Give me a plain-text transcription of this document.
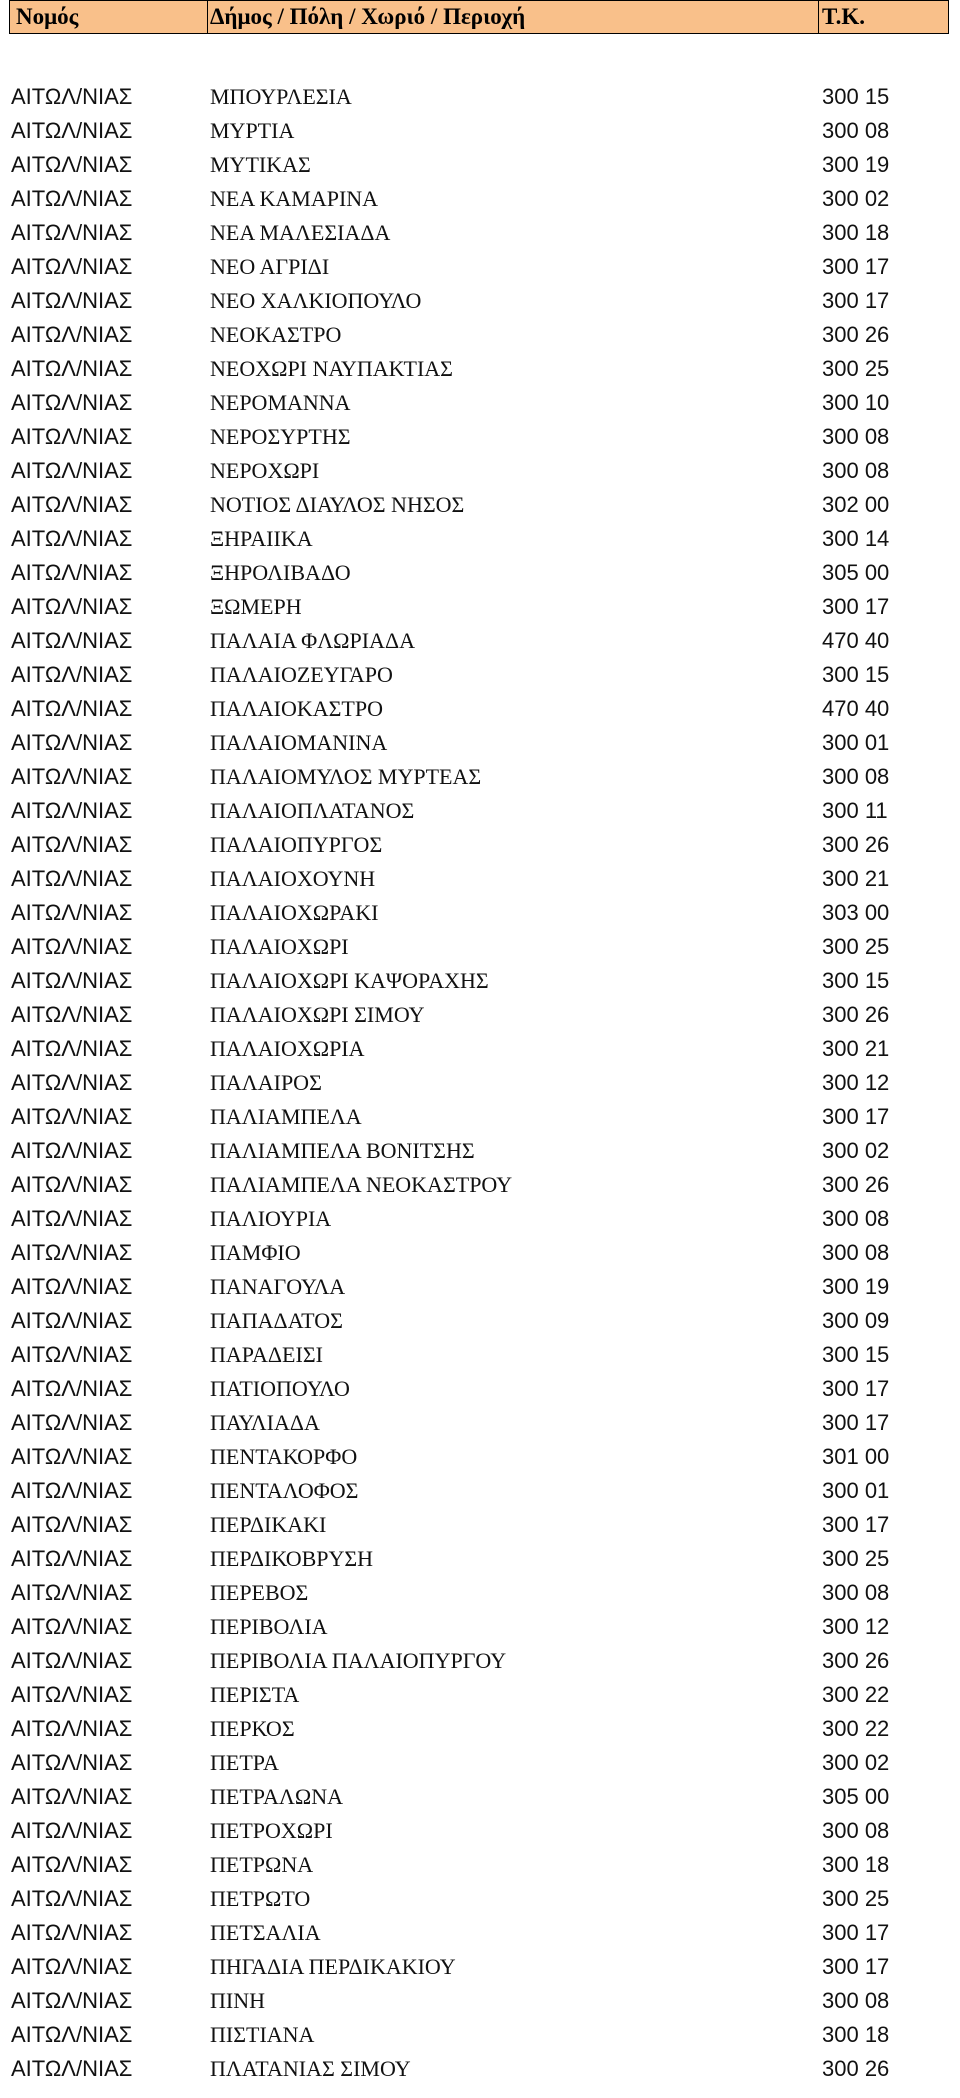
Νομός	Δήμος / Πόλη / Χωριό / Περιοχή	Τ.Κ.
ΑΙΤΩΛ/ΝΙΑΣ	ΜΠΟΥΡΛΕΣΙΑ	300 15
ΑΙΤΩΛ/ΝΙΑΣ	ΜΥΡΤΙΑ	300 08
ΑΙΤΩΛ/ΝΙΑΣ	ΜΥΤΙΚΑΣ	300 19
ΑΙΤΩΛ/ΝΙΑΣ	ΝΕΑ ΚΑΜΑΡΙΝΑ	300 02
ΑΙΤΩΛ/ΝΙΑΣ	ΝΕΑ ΜΑΛΕΣΙΑΔΑ	300 18
ΑΙΤΩΛ/ΝΙΑΣ	ΝΕΟ ΑΓΡΙΔΙ	300 17
ΑΙΤΩΛ/ΝΙΑΣ	ΝΕΟ ΧΑΛΚΙΟΠΟΥΛΟ	300 17
ΑΙΤΩΛ/ΝΙΑΣ	ΝΕΟΚΑΣΤΡΟ	300 26
ΑΙΤΩΛ/ΝΙΑΣ	ΝΕΟΧΩΡΙ ΝΑΥΠΑΚΤΙΑΣ	300 25
ΑΙΤΩΛ/ΝΙΑΣ	ΝΕΡΟΜΑΝΝΑ	300 10
ΑΙΤΩΛ/ΝΙΑΣ	ΝΕΡΟΣΥΡΤΗΣ	300 08
ΑΙΤΩΛ/ΝΙΑΣ	ΝΕΡΟΧΩΡΙ	300 08
ΑΙΤΩΛ/ΝΙΑΣ	ΝΟΤΙΟΣ ΔΙΑΥΛΟΣ ΝΗΣΟΣ	302 00
ΑΙΤΩΛ/ΝΙΑΣ	ΞΗΡΑΙΙΚΑ	300 14
ΑΙΤΩΛ/ΝΙΑΣ	ΞΗΡΟΛΙΒΑΔΟ	305 00
ΑΙΤΩΛ/ΝΙΑΣ	ΞΩΜΕΡΗ	300 17
ΑΙΤΩΛ/ΝΙΑΣ	ΠΑΛΑΙΑ ΦΛΩΡΙΑΔΑ	470 40
ΑΙΤΩΛ/ΝΙΑΣ	ΠΑΛΑΙΟΖΕΥΓΑΡΟ	300 15
ΑΙΤΩΛ/ΝΙΑΣ	ΠΑΛΑΙΟΚΑΣΤΡΟ	470 40
ΑΙΤΩΛ/ΝΙΑΣ	ΠΑΛΑΙΟΜΑΝΙΝΑ	300 01
ΑΙΤΩΛ/ΝΙΑΣ	ΠΑΛΑΙΟΜΥΛΟΣ ΜΥΡΤΕΑΣ	300 08
ΑΙΤΩΛ/ΝΙΑΣ	ΠΑΛΑΙΟΠΛΑΤΑΝΟΣ	300 11
ΑΙΤΩΛ/ΝΙΑΣ	ΠΑΛΑΙΟΠΥΡΓΟΣ	300 26
ΑΙΤΩΛ/ΝΙΑΣ	ΠΑΛΑΙΟΧΟΥΝΗ	300 21
ΑΙΤΩΛ/ΝΙΑΣ	ΠΑΛΑΙΟΧΩΡΑΚΙ	303 00
ΑΙΤΩΛ/ΝΙΑΣ	ΠΑΛΑΙΟΧΩΡΙ	300 25
ΑΙΤΩΛ/ΝΙΑΣ	ΠΑΛΑΙΟΧΩΡΙ ΚΑΨΟΡΑΧΗΣ	300 15
ΑΙΤΩΛ/ΝΙΑΣ	ΠΑΛΑΙΟΧΩΡΙ ΣΙΜΟΥ	300 26
ΑΙΤΩΛ/ΝΙΑΣ	ΠΑΛΑΙΟΧΩΡΙΑ	300 21
ΑΙΤΩΛ/ΝΙΑΣ	ΠΑΛΑΙΡΟΣ	300 12
ΑΙΤΩΛ/ΝΙΑΣ	ΠΑΛΙΑΜΠΕΛΑ	300 17
ΑΙΤΩΛ/ΝΙΑΣ	ΠΑΛΙΑΜΠΕΛΑ ΒΟΝΙΤΣΗΣ	300 02
ΑΙΤΩΛ/ΝΙΑΣ	ΠΑΛΙΑΜΠΕΛΑ ΝΕΟΚΑΣΤΡΟΥ	300 26
ΑΙΤΩΛ/ΝΙΑΣ	ΠΑΛΙΟΥΡΙΑ	300 08
ΑΙΤΩΛ/ΝΙΑΣ	ΠΑΜΦΙΟ	300 08
ΑΙΤΩΛ/ΝΙΑΣ	ΠΑΝΑΓΟΥΛΑ	300 19
ΑΙΤΩΛ/ΝΙΑΣ	ΠΑΠΑΔΑΤΟΣ	300 09
ΑΙΤΩΛ/ΝΙΑΣ	ΠΑΡΑΔΕΙΣΙ	300 15
ΑΙΤΩΛ/ΝΙΑΣ	ΠΑΤΙΟΠΟΥΛΟ	300 17
ΑΙΤΩΛ/ΝΙΑΣ	ΠΑΥΛΙΑΔΑ	300 17
ΑΙΤΩΛ/ΝΙΑΣ	ΠΕΝΤΑΚΟΡΦΟ	301 00
ΑΙΤΩΛ/ΝΙΑΣ	ΠΕΝΤΑΛΟΦΟΣ	300 01
ΑΙΤΩΛ/ΝΙΑΣ	ΠΕΡΔΙΚΑΚΙ	300 17
ΑΙΤΩΛ/ΝΙΑΣ	ΠΕΡΔΙΚΟΒΡΥΣΗ	300 25
ΑΙΤΩΛ/ΝΙΑΣ	ΠΕΡΕΒΟΣ	300 08
ΑΙΤΩΛ/ΝΙΑΣ	ΠΕΡΙΒΟΛΙΑ	300 12
ΑΙΤΩΛ/ΝΙΑΣ	ΠΕΡΙΒΟΛΙΑ ΠΑΛΑΙΟΠΥΡΓΟΥ	300 26
ΑΙΤΩΛ/ΝΙΑΣ	ΠΕΡΙΣΤΑ	300 22
ΑΙΤΩΛ/ΝΙΑΣ	ΠΕΡΚΟΣ	300 22
ΑΙΤΩΛ/ΝΙΑΣ	ΠΕΤΡΑ	300 02
ΑΙΤΩΛ/ΝΙΑΣ	ΠΕΤΡΑΛΩΝΑ	305 00
ΑΙΤΩΛ/ΝΙΑΣ	ΠΕΤΡΟΧΩΡΙ	300 08
ΑΙΤΩΛ/ΝΙΑΣ	ΠΕΤΡΩΝΑ	300 18
ΑΙΤΩΛ/ΝΙΑΣ	ΠΕΤΡΩΤΟ	300 25
ΑΙΤΩΛ/ΝΙΑΣ	ΠΕΤΣΑΛΙΑ	300 17
ΑΙΤΩΛ/ΝΙΑΣ	ΠΗΓΑΔΙΑ ΠΕΡΔΙΚΑΚΙΟΥ	300 17
ΑΙΤΩΛ/ΝΙΑΣ	ΠΙΝΗ	300 08
ΑΙΤΩΛ/ΝΙΑΣ	ΠΙΣΤΙΑΝΑ	300 18
ΑΙΤΩΛ/ΝΙΑΣ	ΠΛΑΤΑΝΙΑΣ ΣΙΜΟΥ	300 26
